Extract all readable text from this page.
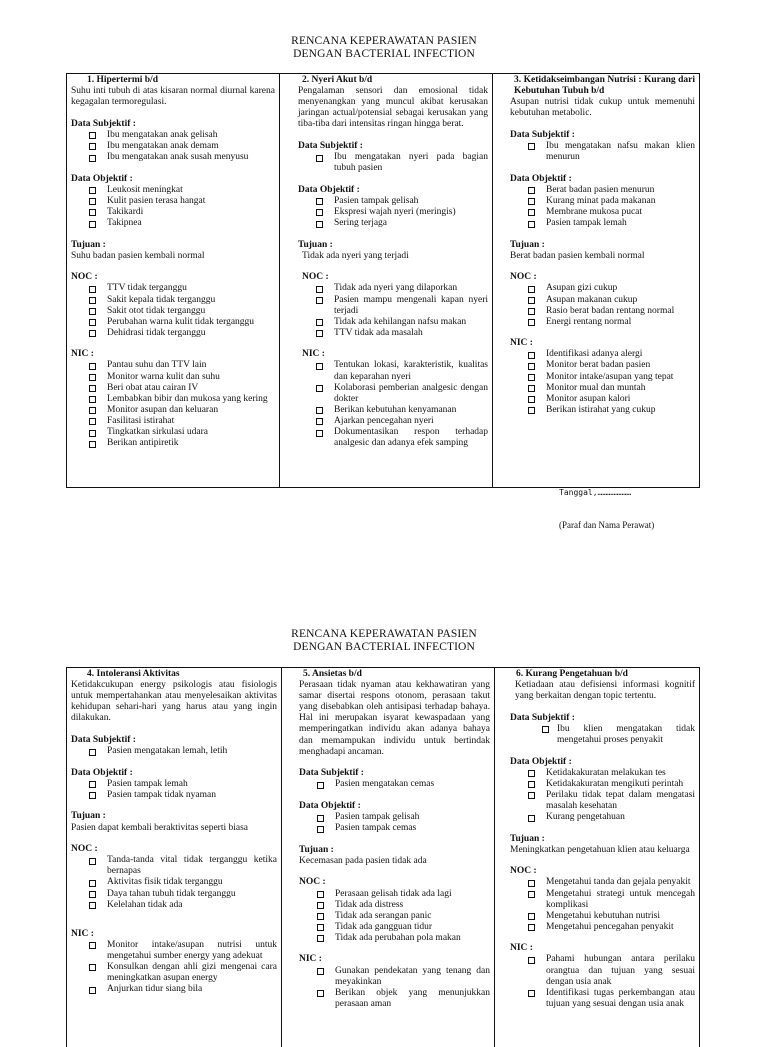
RENCANA KEPERAWATAN PASIEN
DENGAN BACTERIAL INFECTION
1. Hipertermi b/d
Suhu inti tubuh di atas kisaran normal diurnal karena kegagalan termoregulasi.
Data Subjektif :
Ibu mengatakan anak gelisah
Ibu mengatakan anak demam
Ibu mengatakan anak susah menyusu
Data Objektif :
Leukosit meningkat
Kulit pasien terasa hangat
Takikardi
Takipnea
Tujuan :
Suhu badan pasien kembali normal
NOC :
TTV tidak terganggu
Sakit kepala tidak terganggu
Sakit otot tidak terganggu
Perubahan warna kulit tidak terganggu
Dehidrasi tidak terganggu
NIC :
Pantau suhu dan TTV lain
Monitor warna kulit dan suhu
Beri obat atau cairan IV
Lembabkan bibir dan mukosa yang kering
Monitor asupan dan keluaran
Fasilitasi istirahat
Tingkatkan sirkulasi udara
Berikan antipiretik
2. Nyeri Akut b/d
Pengalaman sensori dan emosional tidak menyenangkan yang muncul akibat kerusakan jaringan actual/potensial sebagai kerusakan yang tiba-tiba dari intensitas ringan hingga berat.
Data Subjektif :
Ibu mengatakan nyeri pada bagian tubuh pasien
Data Objektif :
Pasien tampak gelisah
Ekspresi wajah nyeri (meringis)
Sering terjaga
Tujuan :
Tidak ada nyeri yang terjadi
NOC :
Tidak ada nyeri yang dilaporkan
Pasien mampu mengenali kapan nyeri terjadi
Tidak ada kehilangan nafsu makan
TTV tidak ada masalah
NIC :
Tentukan lokasi, karakteristik, kualitas dan keparahan nyeri
Kolaborasi pemberian analgesic dengan dokter
Berikan kebutuhan kenyamanan
Ajarkan pencegahan nyeri
Dokumentasikan respon terhadap analgesic dan adanya efek samping
3. Ketidakseimbangan Nutrisi : Kurang dari Kebutuhan Tubuh b/d
Asupan nutrisi tidak cukup untuk memenuhi kebutuhan metabolic.
Data Subjektif :
Ibu mengatakan nafsu makan klien menurun
Data Objektif :
Berat badan pasien menurun
Kurang minat pada makanan
Membrane mukosa pucat
Pasien tampak lemah
Tujuan :
Berat badan pasien kembali normal
NOC :
Asupan gizi cukup
Asupan makanan cukup
Rasio berat badan rentang normal
Energi rentang normal
NIC :
Identifikasi adanya alergi
Monitor berat badan pasien
Monitor intake/asupan yang tepat
Monitor mual dan muntah
Monitor asupan kalori
Berikan istirahat yang cukup
Tanggal,…………………
(Paraf dan Nama Perawat)
RENCANA KEPERAWATAN PASIEN
DENGAN BACTERIAL INFECTION
4. Intoleransi Aktivitas
Ketidakcukupan energy psikologis atau fisiologis untuk mempertahankan atau menyelesaikan aktivitas kehidupan sehari-hari yang harus atau yang ingin dilakukan.
Data Subjektif :
Pasien mengatakan lemah, letih
Data Objektif :
Pasien tampak lemah
Pasien tampak tidak nyaman
Tujuan :
Pasien dapat kembali beraktivitas seperti biasa
NOC :
Tanda-tanda vital tidak terganggu ketika bernapas
Aktivitas fisik tidak terganggu
Daya tahan tubuh tidak terganggu
Kelelahan tidak ada
NIC :
Monitor intake/asupan nutrisi untuk mengetahui sumber energy yang adekuat
Konsulkan dengan ahli gizi mengenai cara meningkatkan asupan energy
Anjurkan tidur siang bila
5. Ansietas b/d
Perasaan tidak nyaman atau kekhawatiran yang samar disertai respons otonom, perasaan takut yang disebabkan oleh antisipasi terhadap bahaya. Hal ini merupakan isyarat kewaspadaan yang memperingatkan individu akan adanya bahaya dan memampukan individu untuk bertindak menghadapi ancaman.
Data Subjektif :
Pasien mengatakan cemas
Data Objektif :
Pasien tampak gelisah
Pasien tampak cemas
Tujuan :
Kecemasan pada pasien tidak ada
NOC :
Perasaan gelisah tidak ada lagi
Tidak ada distress
Tidak ada serangan panic
Tidak ada gangguan tidur
Tidak ada perubahan pola makan
NIC :
Gunakan pendekatan yang tenang dan meyakinkan
Berikan objek yang menunjukkan perasaan aman
6. Kurang Pengetahuan b/d
Ketiadaan atau defisiensi informasi kognitif yang berkaitan dengan topic tertentu.
Data Subjektif :
Ibu klien mengatakan tidak mengetahui proses penyakit
Data Objektif :
Ketidakakuratan melakukan tes
Ketidakakuratan mengikuti perintah
Perilaku tidak tepat dalam mengatasi masalah kesehatan
Kurang pengetahuan
Tujuan :
Meningkatkan pengetahuan klien atau keluarga
NOC :
Mengetahui tanda dan gejala penyakit
Mengetahui strategi untuk mencegah komplikasi
Mengetahui kebutuhan nutrisi
Mengetahui pencegahan penyakit
NIC :
Pahami hubungan antara perilaku orangtua dan tujuan yang sesuai dengan usia anak
Identifikasi tugas perkembangan atau tujuan yang sesuai dengan usia anak
